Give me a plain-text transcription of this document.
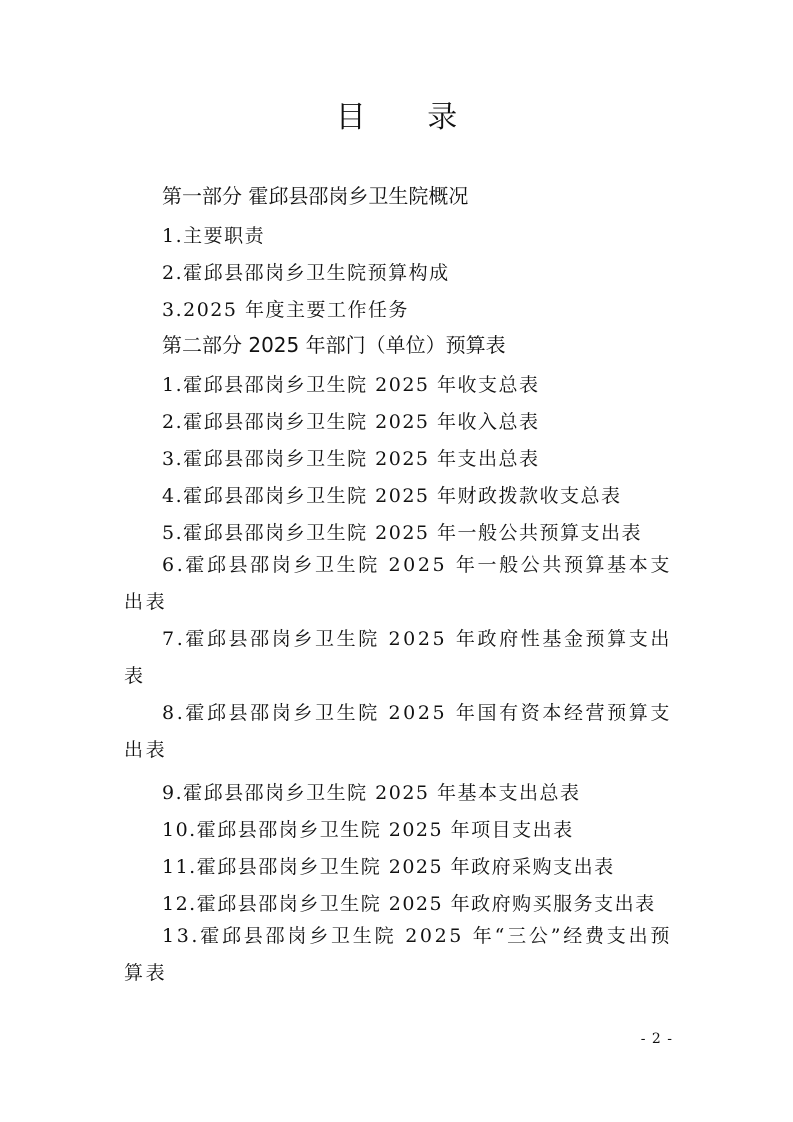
目 录
第一部分 霍邱县邵岗乡卫生院概况
1.主要职责
2.霍邱县邵岗乡卫生院预算构成
3.2025 年度主要工作任务
第二部分 2025 年部门（单位）预算表
1.霍邱县邵岗乡卫生院 2025 年收支总表
2.霍邱县邵岗乡卫生院 2025 年收入总表
3.霍邱县邵岗乡卫生院 2025 年支出总表
4.霍邱县邵岗乡卫生院 2025 年财政拨款收支总表
5.霍邱县邵岗乡卫生院 2025 年一般公共预算支出表
6.霍邱县邵岗乡卫生院 2025 年一般公共预算基本支出表
7.霍邱县邵岗乡卫生院 2025 年政府性基金预算支出表
8.霍邱县邵岗乡卫生院 2025 年国有资本经营预算支出表
9.霍邱县邵岗乡卫生院 2025 年基本支出总表
10.霍邱县邵岗乡卫生院 2025 年项目支出表
11.霍邱县邵岗乡卫生院 2025 年政府采购支出表
12.霍邱县邵岗乡卫生院 2025 年政府购买服务支出表
13.霍邱县邵岗乡卫生院 2025 年“三公”经费支出预算表
- 2 -
